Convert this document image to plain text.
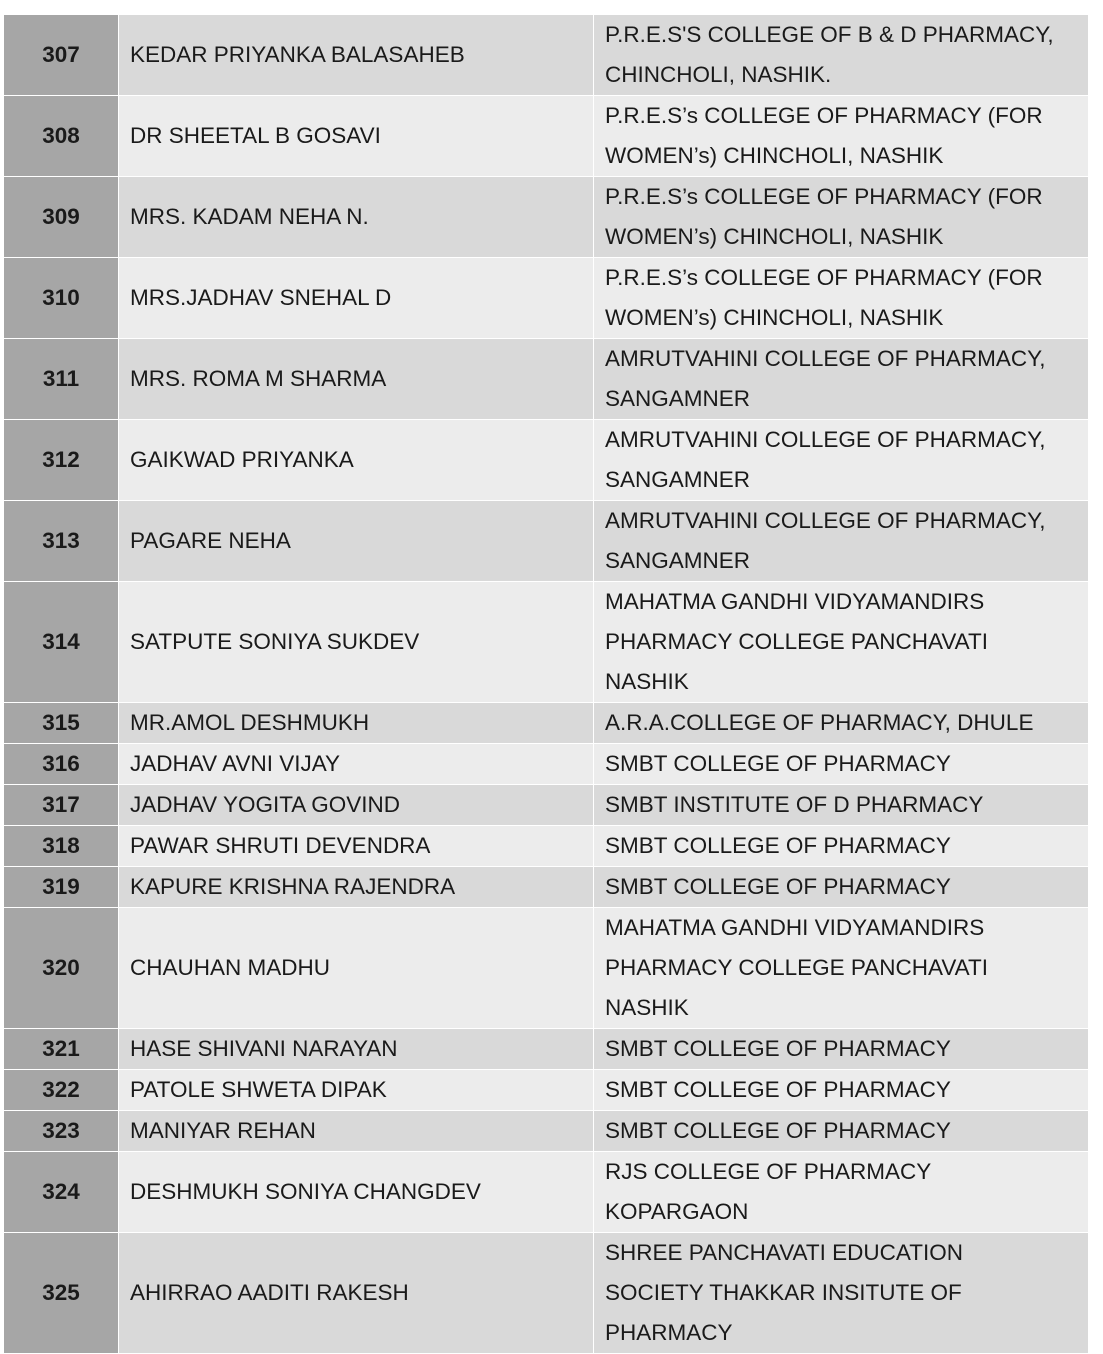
307	KEDAR PRIYANKA BALASAHEB	P.R.E.S'S COLLEGE OF B & D PHARMACY,
CHINCHOLI, NASHIK.
308	DR SHEETAL B GOSAVI	P.R.E.S’s COLLEGE OF PHARMACY (FOR
WOMEN’s) CHINCHOLI, NASHIK
309	MRS. KADAM NEHA N.	P.R.E.S’s COLLEGE OF PHARMACY (FOR
WOMEN’s) CHINCHOLI, NASHIK
310	MRS.JADHAV SNEHAL D	P.R.E.S’s COLLEGE OF PHARMACY (FOR
WOMEN’s) CHINCHOLI, NASHIK
311	MRS. ROMA M SHARMA	AMRUTVAHINI COLLEGE OF PHARMACY,
SANGAMNER
312	GAIKWAD PRIYANKA	AMRUTVAHINI COLLEGE OF PHARMACY,
SANGAMNER
313	PAGARE NEHA	AMRUTVAHINI COLLEGE OF PHARMACY,
SANGAMNER
314	SATPUTE SONIYA SUKDEV	MAHATMA GANDHI VIDYAMANDIRS
PHARMACY COLLEGE PANCHAVATI
NASHIK
315	MR.AMOL DESHMUKH	A.R.A.COLLEGE OF PHARMACY, DHULE
316	JADHAV AVNI VIJAY	SMBT COLLEGE OF PHARMACY
317	JADHAV YOGITA GOVIND	SMBT INSTITUTE OF D PHARMACY
318	PAWAR SHRUTI DEVENDRA	SMBT COLLEGE OF PHARMACY
319	KAPURE KRISHNA RAJENDRA	SMBT COLLEGE OF PHARMACY
320	CHAUHAN MADHU	MAHATMA GANDHI VIDYAMANDIRS
PHARMACY COLLEGE PANCHAVATI
NASHIK
321	HASE SHIVANI NARAYAN	SMBT COLLEGE OF PHARMACY
322	PATOLE SHWETA DIPAK	SMBT COLLEGE OF PHARMACY
323	MANIYAR REHAN	SMBT COLLEGE OF PHARMACY
324	DESHMUKH SONIYA CHANGDEV	RJS COLLEGE OF PHARMACY
KOPARGAON
325	AHIRRAO AADITI RAKESH	SHREE PANCHAVATI EDUCATION
SOCIETY THAKKAR INSITUTE OF
PHARMACY
